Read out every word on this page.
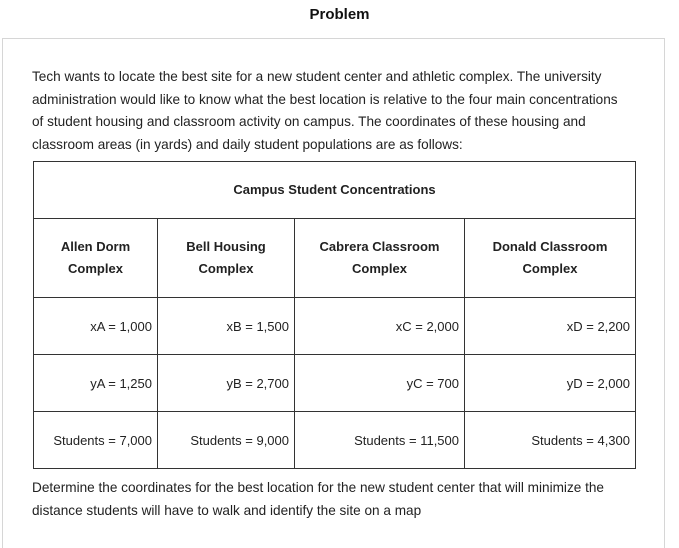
Problem

Tech wants to locate the best site for a new student center and athletic complex. The university administration would like to know what the best location is relative to the four main concentrations of student housing and classroom activity on campus. The coordinates of these housing and classroom areas (in yards) and daily student populations are as follows:

Campus Student Concentrations			
Allen Dorm Complex	Bell Housing Complex	Cabrera Classroom Complex	Donald Classroom Complex
xA = 1,000	xB = 1,500	xC = 2,000	xD = 2,200
yA = 1,250	yB = 2,700	yC = 700	yD = 2,000
Students = 7,000	Students = 9,000	Students = 11,500	Students = 4,300

Determine the coordinates for the best location for the new student center that will minimize the distance students will have to walk and identify the site on a map
